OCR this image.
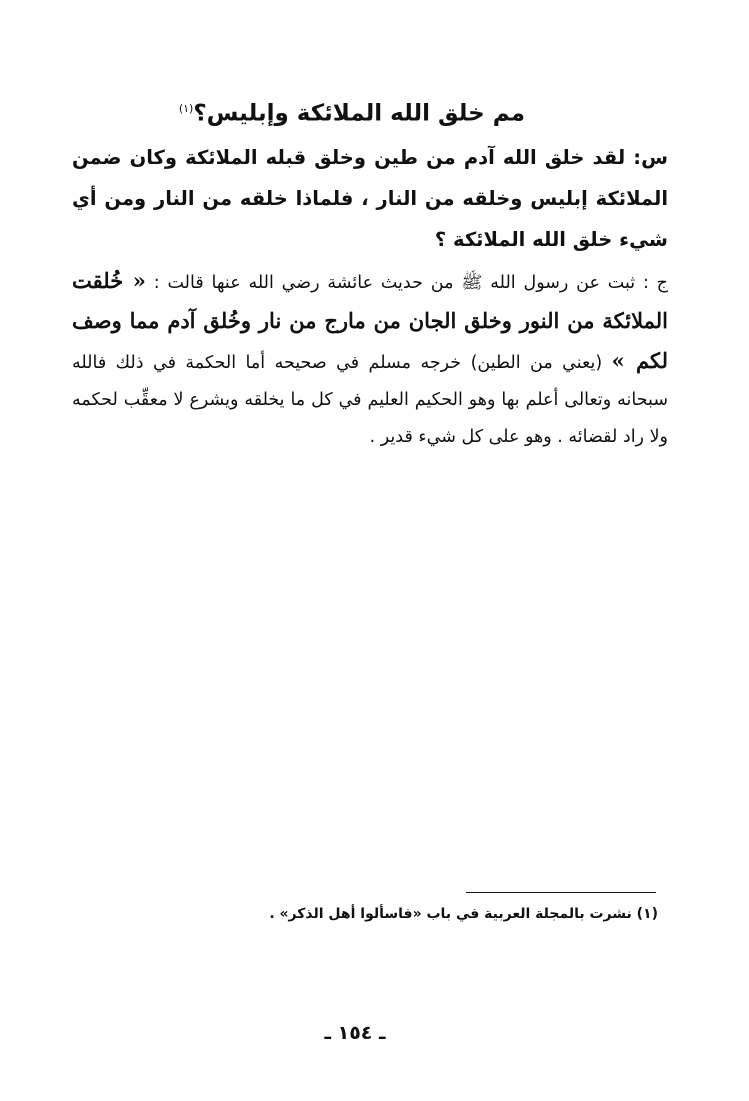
مم خلق الله الملائكة وإبليس؟$^{(١)}$
س: لقد خلق الله آدم من طين وخلق قبله الملائكة وكان ضمن الملائكة إبليس وخلقه من النار ، فلماذا خلقه من النار ومن أي شيء خلق الله الملائكة ؟
ج : ثبت عن رسول الله ﷺ من حديث عائشة رضي الله عنها قالت : « خُلقت الملائكة من النور وخلق الجان من مارج من نار وخُلق آدم مما وصف لكم » (يعني من الطين) خرجه مسلم في صحيحه أما الحكمة في ذلك فالله سبحانه وتعالى أعلم بها وهو الحكيم العليم في كل ما يخلقه ويشرع لا معقِّب لحكمه ولا راد لقضائه . وهو على كل شيء قدير .
(١) نشرت بالمجلة العربية في باب «فاسألوا أهل الذكر» .
ـ ١٥٤ ـ
